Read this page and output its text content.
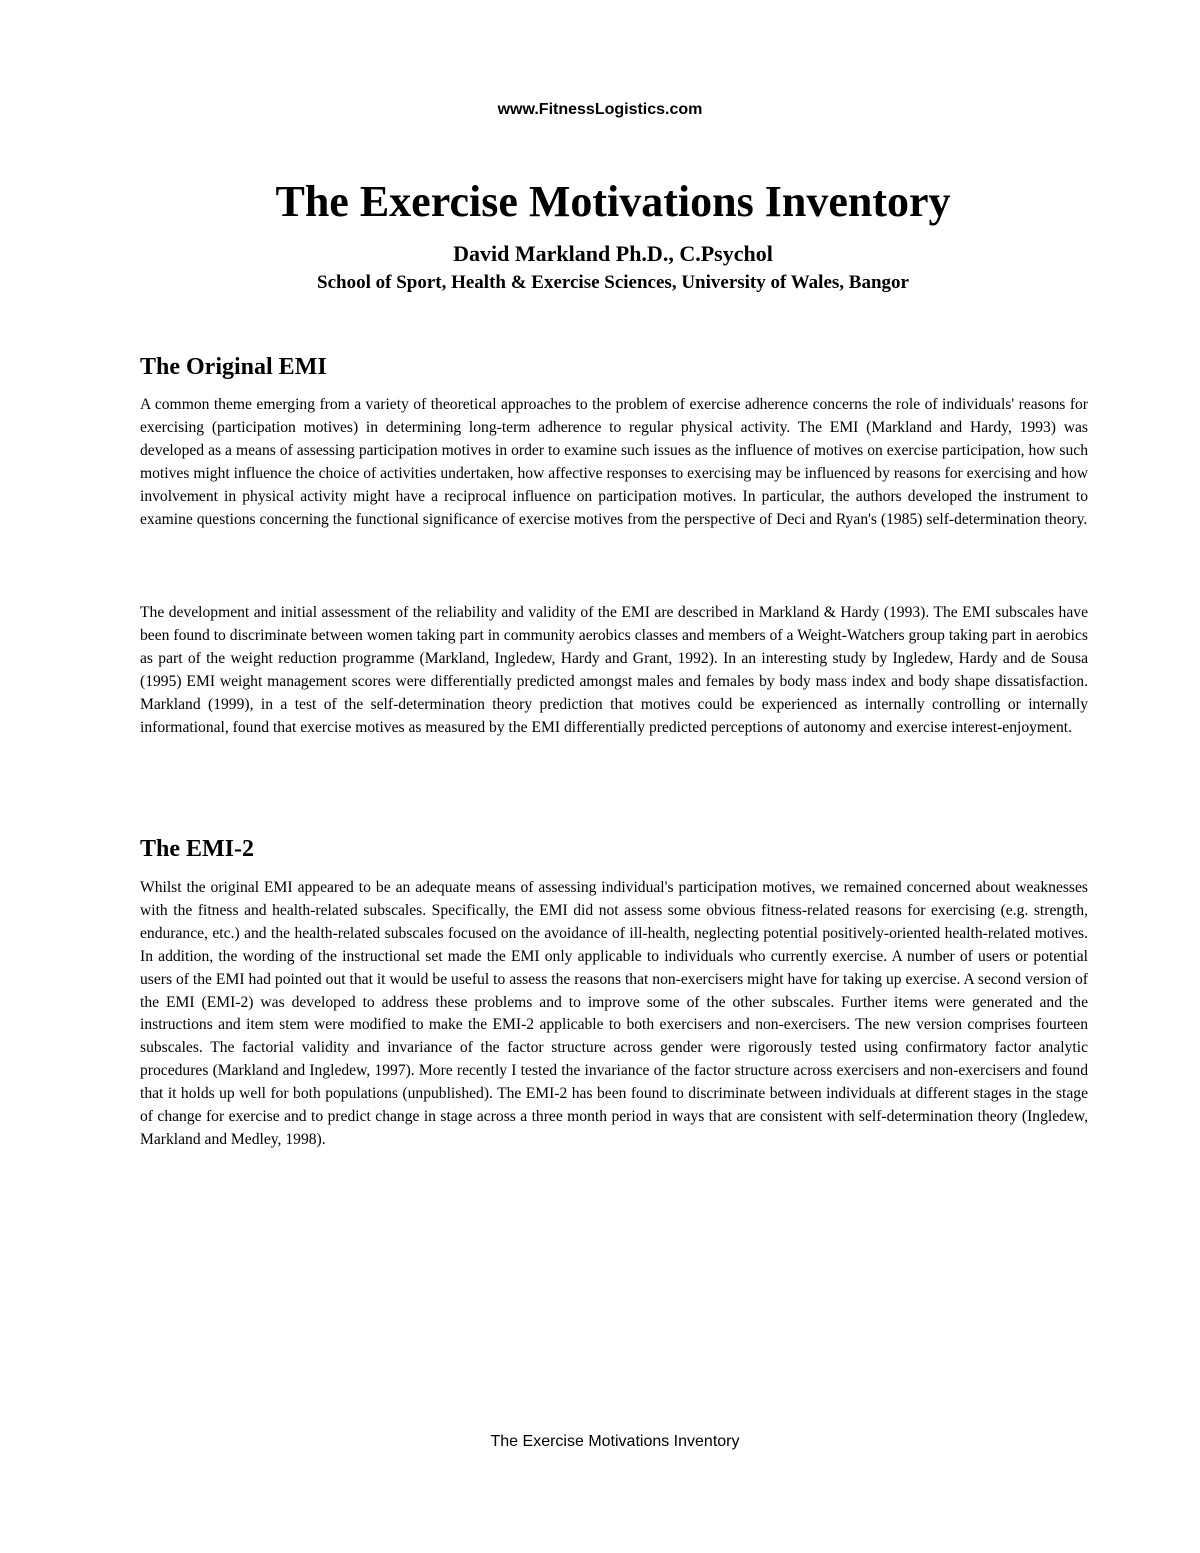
www.FitnessLogistics.com
The Exercise Motivations Inventory
David Markland Ph.D., C.Psychol
School of Sport, Health & Exercise Sciences, University of Wales, Bangor
The Original EMI

A common theme emerging from a variety of theoretical approaches to the problem of exercise adherence concerns the role of individuals' reasons for exercising (participation motives) in determining long-term adherence to regular physical activity. The EMI (Markland and Hardy, 1993) was developed as a means of assessing participation motives in order to examine such issues as the influence of motives on exercise participation, how such motives might influence the choice of activities undertaken, how affective responses to exercising may be influenced by reasons for exercising and how involvement in physical activity might have a reciprocal influence on participation motives. In particular, the authors developed the instrument to examine questions concerning the functional significance of exercise motives from the perspective of Deci and Ryan's (1985) self-determination theory.

The development and initial assessment of the reliability and validity of the EMI are described in Markland & Hardy (1993). The EMI subscales have been found to discriminate between women taking part in community aerobics classes and members of a Weight-Watchers group taking part in aerobics as part of the weight reduction programme (Markland, Ingledew, Hardy and Grant, 1992). In an interesting study by Ingledew, Hardy and de Sousa (1995) EMI weight management scores were differentially predicted amongst males and females by body mass index and body shape dissatisfaction. Markland (1999), in a test of the self-determination theory prediction that motives could be experienced as internally controlling or internally informational, found that exercise motives as measured by the EMI differentially predicted perceptions of autonomy and exercise interest-enjoyment.

The EMI-2

Whilst the original EMI appeared to be an adequate means of assessing individual's participation motives, we remained concerned about weaknesses with the fitness and health-related subscales. Specifically, the EMI did not assess some obvious fitness-related reasons for exercising (e.g. strength, endurance, etc.) and the health-related subscales focused on the avoidance of ill-health, neglecting potential positively-oriented health-related motives. In addition, the wording of the instructional set made the EMI only applicable to individuals who currently exercise. A number of users or potential users of the EMI had pointed out that it would be useful to assess the reasons that non-exercisers might have for taking up exercise. A second version of the EMI (EMI-2) was developed to address these problems and to improve some of the other subscales. Further items were generated and the instructions and item stem were modified to make the EMI-2 applicable to both exercisers and non-exercisers. The new version comprises fourteen subscales. The factorial validity and invariance of the factor structure across gender were rigorously tested using confirmatory factor analytic procedures (Markland and Ingledew, 1997). More recently I tested the invariance of the factor structure across exercisers and non-exercisers and found that it holds up well for both populations (unpublished). The EMI-2 has been found to discriminate between individuals at different stages in the stage of change for exercise and to predict change in stage across a three month period in ways that are consistent with self-determination theory (Ingledew, Markland and Medley, 1998).

The Exercise Motivations Inventory
